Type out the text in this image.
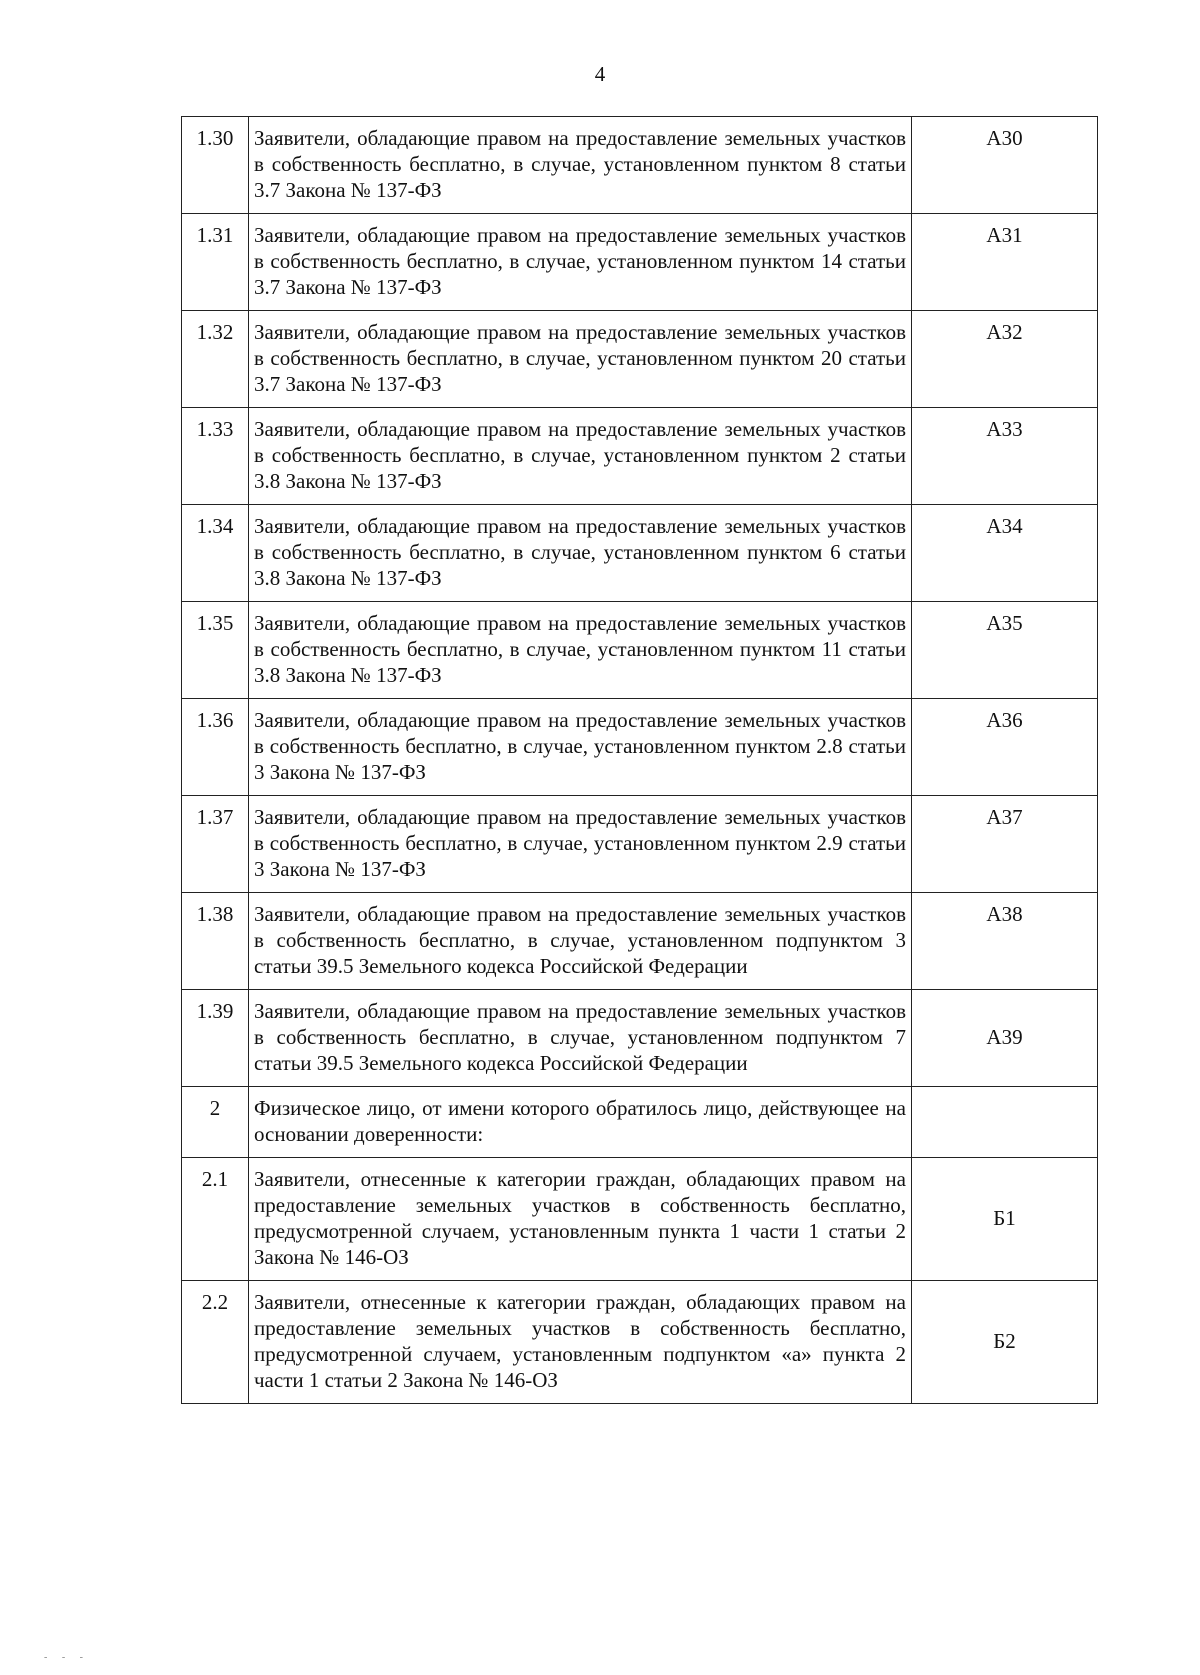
4
1.30	Заявители, обладающие правом на предоставление земельных участков в собственность бесплатно, в случае, установленном пунктом 8 статьи 3.7 Закона № 137-ФЗ	А30
1.31	Заявители, обладающие правом на предоставление земельных участков в собственность бесплатно, в случае, установленном пунктом 14 статьи 3.7 Закона № 137-ФЗ	А31
1.32	Заявители, обладающие правом на предоставление земельных участков в собственность бесплатно, в случае, установленном пунктом 20 статьи 3.7 Закона № 137-ФЗ	А32
1.33	Заявители, обладающие правом на предоставление земельных участков в собственность бесплатно, в случае, установленном пунктом 2 статьи 3.8 Закона № 137-ФЗ	А33
1.34	Заявители, обладающие правом на предоставление земельных участков в собственность бесплатно, в случае, установленном пунктом 6 статьи 3.8 Закона № 137-ФЗ	А34
1.35	Заявители, обладающие правом на предоставление земельных участков в собственность бесплатно, в случае, установленном пунктом 11 статьи 3.8 Закона № 137-ФЗ	А35
1.36	Заявители, обладающие правом на предоставление земельных участков в собственность бесплатно, в случае, установленном пунктом 2.8 статьи 3 Закона № 137-ФЗ	А36
1.37	Заявители, обладающие правом на предоставление земельных участков в собственность бесплатно, в случае, установленном пунктом 2.9 статьи 3 Закона № 137-ФЗ	А37
1.38	Заявители, обладающие правом на предоставление земельных участков в собственность бесплатно, в случае, установленном подпунктом 3 статьи 39.5 Земельного кодекса Российской Федерации	А38
1.39	Заявители, обладающие правом на предоставление земельных участков в собственность бесплатно, в случае, установленном подпунктом 7 статьи 39.5 Земельного кодекса Российской Федерации	А39
2	Физическое лицо, от имени которого обратилось лицо, действующее на основании доверенности:	
2.1	Заявители, отнесенные к категории граждан, обладающих правом на предоставление земельных участков в собственность бесплатно, предусмотренной случаем, установленным пункта 1 части 1 статьи 2 Закона № 146-ОЗ	Б1
2.2	Заявители, отнесенные к категории граждан, обладающих правом на предоставление земельных участков в собственность бесплатно, предусмотренной случаем, установленным подпунктом «а» пункта 2 части 1 статьи 2 Закона № 146-ОЗ	Б2
‐ ‐ ‐
